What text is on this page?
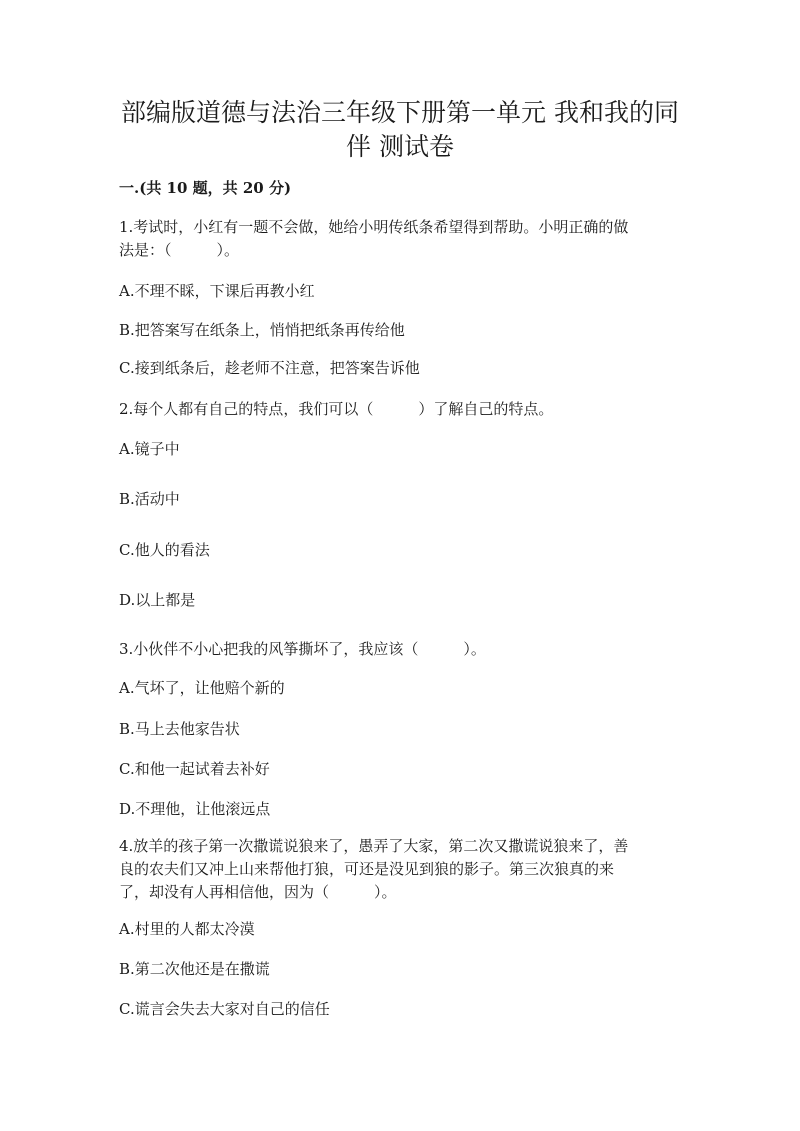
部编版道德与法治三年级下册第一单元 我和我的同伴 测试卷
一.(共 10 题，共 20 分)
1.考试时，小红有一题不会做，她给小明传纸条希望得到帮助。小明正确的做
法是：（　　　）。
A.不理不睬，下课后再教小红
B.把答案写在纸条上，悄悄把纸条再传给他
C.接到纸条后，趁老师不注意，把答案告诉他
2.每个人都有自己的特点，我们可以（　　　）了解自己的特点。
A.镜子中
B.活动中
C.他人的看法
D.以上都是
3.小伙伴不小心把我的风筝撕坏了，我应该（　　　）。
A.气坏了，让他赔个新的
B.马上去他家告状
C.和他一起试着去补好
D.不理他，让他滚远点
4.放羊的孩子第一次撒谎说狼来了，愚弄了大家，第二次又撒谎说狼来了，善
良的农夫们又冲上山来帮他打狼，可还是没见到狼的影子。第三次狼真的来
了，却没有人再相信他，因为（　　　）。
A.村里的人都太冷漠
B.第二次他还是在撒谎
C.谎言会失去大家对自己的信任
